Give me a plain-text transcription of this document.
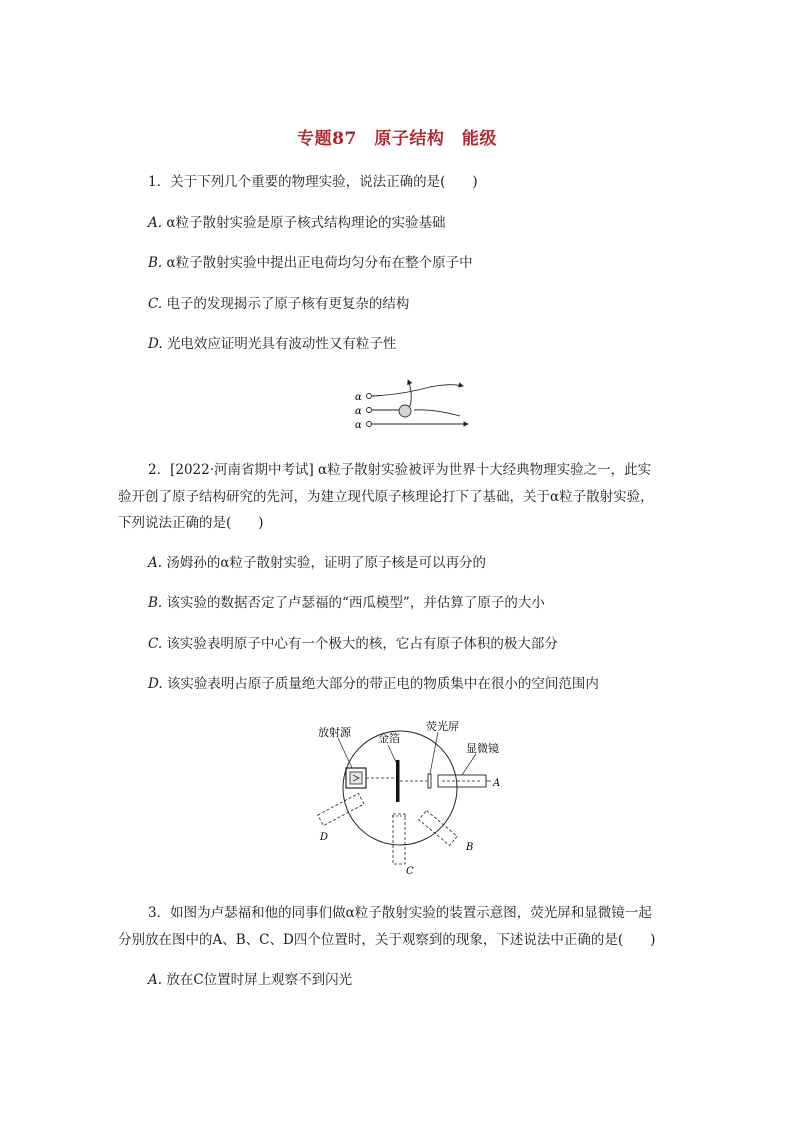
专题87　原子结构　能级
1．关于下列几个重要的物理实验，说法正确的是(　　)
A. α粒子散射实验是原子核式结构理论的实验基础
B. α粒子散射实验中提出正电荷均匀分布在整个原子中
C. 电子的发现揭示了原子核有更复杂的结构
D. 光电效应证明光具有波动性又有粒子性
α
α
α
2．[2022·河南省期中考试] α粒子散射实验被评为世界十大经典物理实验之一，此实
验开创了原子结构研究的先河，为建立现代原子核理论打下了基础，关于α粒子散射实验，
下列说法正确的是(　　)
A. 汤姆孙的α粒子散射实验，证明了原子核是可以再分的
B. 该实验的数据否定了卢瑟福的“西瓜模型”，并估算了原子的大小
C. 该实验表明原子中心有一个极大的核，它占有原子体积的极大部分
D. 该实验表明占原子质量绝大部分的带正电的物质集中在很小的空间范围内
放射源 金箔
荧光屏
显微镜
A
B
C
D
3．如图为卢瑟福和他的同事们做α粒子散射实验的装置示意图，荧光屏和显微镜一起
分别放在图中的A、B、C、D四个位置时，关于观察到的现象，下述说法中正确的是(　　)
A. 放在C位置时屏上观察不到闪光
